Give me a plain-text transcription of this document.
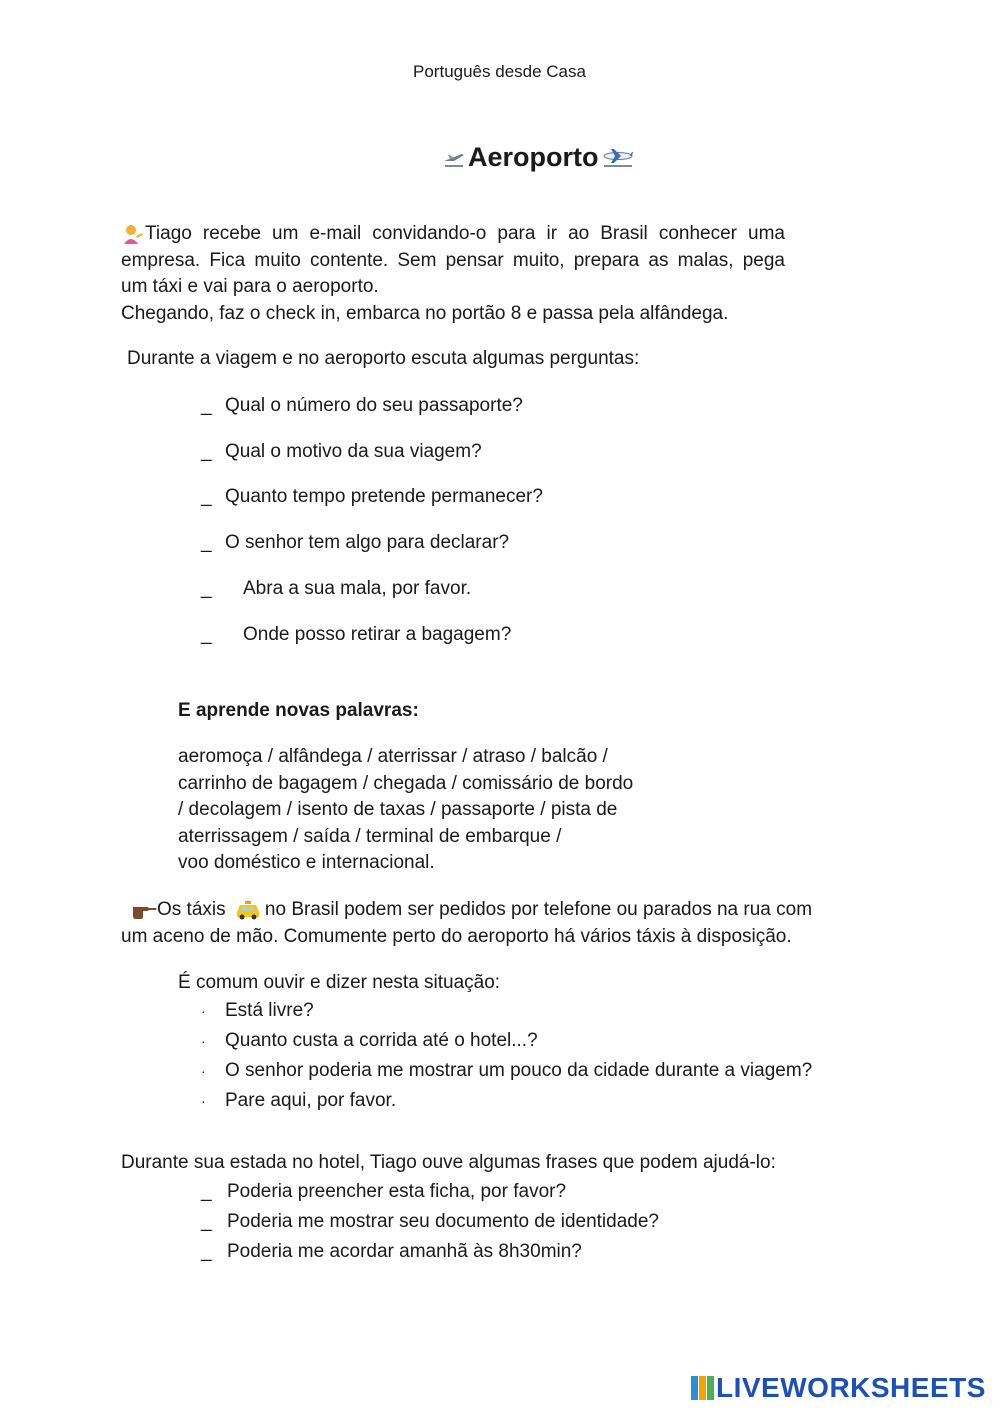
Português desde Casa
Aeroporto

Tiago recebe um e-mail convidando-o para ir ao Brasil conhecer uma

empresa. Fica muito contente. Sem pensar muito, prepara as malas, pega

um táxi e vai para o aeroporto.

Chegando, faz o check in, embarca no portão 8 e passa pela alfândega.

Durante a viagem e no aeroporto escuta algumas perguntas:
_ Qual o número do seu passaporte?
_ Qual o motivo da sua viagem?
_ Quanto tempo pretende permanecer?
_ O senhor tem algo para declarar?
_	Abra a sua mala, por favor.
_	Onde posso retirar a bagagem?
E aprende novas palavras:

aeromoça / alfândega / aterrissar / atraso / balcão /

carrinho de bagagem / chegada / comissário de bordo

/ decolagem / isento de taxas / passaporte / pista de

aterrissagem / saída / terminal de embarque /

voo doméstico e internacional.

Os táxis no Brasil podem ser pedidos por telefone ou parados na rua com
um aceno de mão. Comumente perto do aeroporto há vários táxis à disposição.
É comum ouvir e dizer nesta situação:
·	Está livre?
·	Quanto custa a corrida até o hotel...?
·	O senhor poderia me mostrar um pouco da cidade durante a viagem?
·	Pare aqui, por favor.
Durante sua estada no hotel, Tiago ouve algumas frases que podem ajudá-lo:
_ Poderia preencher esta ficha, por favor?
_ Poderia me mostrar seu documento de identidade?
_ Poderia me acordar amanhã às 8h30min?
LIVEWORKSHEETS
